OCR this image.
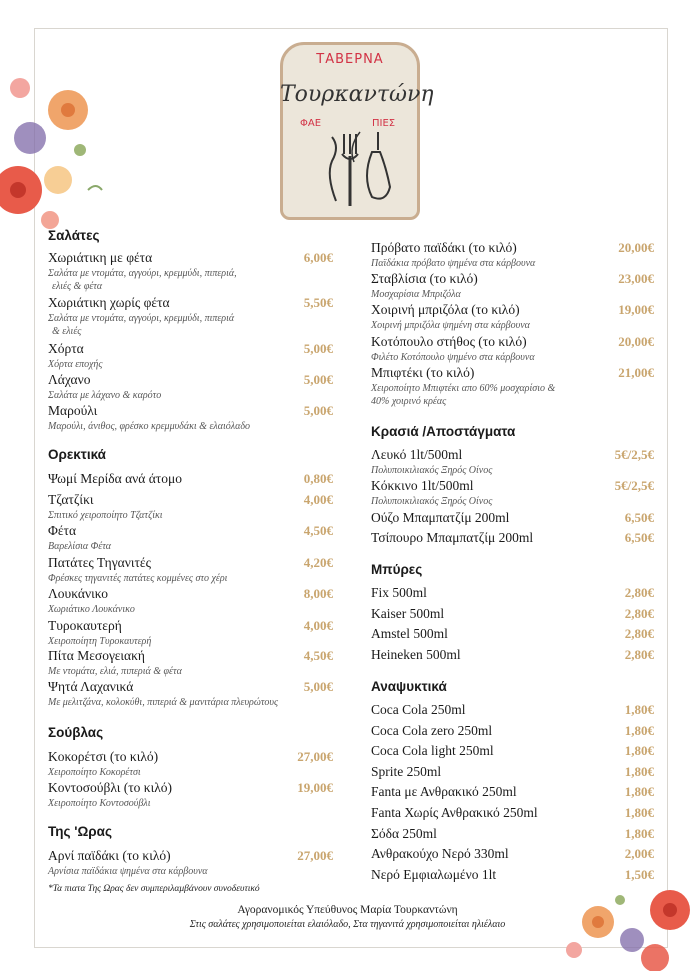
ΤΑΒΕΡΝΑ
Τουρκαντώνη
ΦΑΕ	ΠΙΕΣ
Σαλάτες
Χωριάτικη με φέτα	6,00€
Σαλάτα με ντομάτα, αγγούρι, κρεμμύδι, πιπεριά,
ελιές & φέτα
Χωριάτικη χωρίς φέτα	5,50€
Σαλάτα με ντομάτα, αγγούρι, κρεμμύδι, πιπεριά
& ελιές
Χόρτα	5,00€
Χόρτα εποχής
Λάχανο	5,00€
Σαλάτα με λάχανο & καρότο
Μαρούλι	5,00€
Μαρούλι, άνιθος, φρέσκο κρεμμυδάκι & ελαιόλαδο
Ορεκτικά
Ψωμί Μερίδα ανά άτομο	0,80€
Τζατζίκι	4,00€
Σπιτικό χειροποίητο Τζατζίκι
Φέτα	4,50€
Βαρελίσια Φέτα
Πατάτες Τηγανιτές	4,20€
Φρέσκες τηγανιτές πατάτες κομμένες στο χέρι
Λουκάνικο	8,00€
Χωριάτικο Λουκάνικο
Τυροκαυτερή	4,00€
Χειροποίητη Τυροκαυτερή
Πίτα Μεσογειακή	4,50€
Με ντομάτα, ελιά, πιπεριά & φέτα
Ψητά Λαχανικά	5,00€
Με μελιτζάνα, κολοκύθι, πιπεριά & μανιτάρια πλευρώτους
Σούβλας
Κοκορέτσι (το κιλό)	27,00€
Χειροποίητο Κοκορέτσι
Κοντοσούβλι (το κιλό)	19,00€
Χειροποίητο Κοντοσούβλι
Της 'Ωρας
Αρνί παϊδάκι (το κιλό)	27,00€
Αρνίσια παϊδάκια ψημένα στα κάρβουνα
Πρόβατο παϊδάκι (το κιλό)	20,00€
Παϊδάκια πρόβατο ψημένα στα κάρβουνα
Σταβλίσια (το κιλό)	23,00€
Μοσχαρίσια Μπριζόλα
Χοιρινή μπριζόλα (το κιλό)	19,00€
Χοιρινή μπριζόλα ψημένη στα κάρβουνα
Κοτόπουλο στήθος (το κιλό)	20,00€
Φιλέτο Κοτόπουλο ψημένο στα κάρβουνα
Μπιφτέκι (το κιλό)	21,00€
Χειροποίητο Μπιφτέκι απο 60% μοσχαρίσιο &
40% χοιρινό κρέας
Κρασιά /Αποστάγματα
Λευκό 1lt/500ml	5€/2,5€
Πολυποικιλιακός Ξηρός Οίνος
Κόκκινο 1lt/500ml	5€/2,5€
Πολυποικιλιακός Ξηρός Οίνος
Ούζο Μπαμπατζίμ 200ml	6,50€
Τσίπουρο Μπαμπατζίμ 200ml	6,50€
Μπύρες
Fix 500ml	2,80€
Kaiser 500ml	2,80€
Amstel 500ml	2,80€
Heineken 500ml	2,80€
Αναψυκτικά
Coca Cola 250ml	1,80€
Coca Cola zero 250ml	1,80€
Coca Cola light 250ml	1,80€
Sprite 250ml	1,80€
Fanta με Ανθρακικό 250ml	1,80€
Fanta Χωρίς Ανθρακικό 250ml	1,80€
Σόδα 250ml	1,80€
Ανθρακούχο Νερό 330ml	2,00€
Νερό Εμφιαλωμένο 1lt	1,50€
*Τα πιατα Της Ωρας δεν συμπεριλαμβάνουν συνοδευτικό
Αγορανομικός Υπεύθυνος Μαρία Τουρκαντώνη
Στις σαλάτες χρησιμοποιείται ελαιόλαδο, Στα τηγανιτά χρησιμοποιείται ηλιέλαιο
